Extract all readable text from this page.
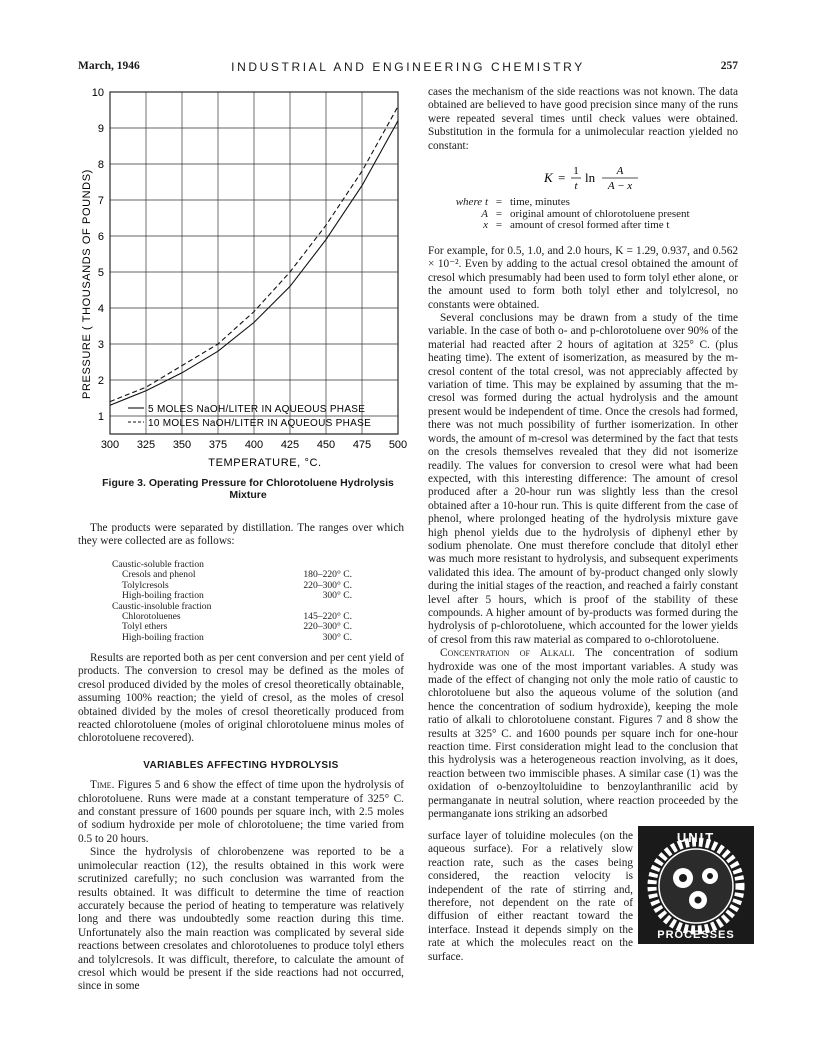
March, 1946	INDUSTRIAL AND ENGINEERING CHEMISTRY	257
300 325 350 375 400 425 450 475 500
1
2
3
4
5
6
7
8
9
10
PRESSURE ( THOUSANDS OF POUNDS)
TEMPERATURE, °C.
5 MOLES NaOH/LITER IN AQUEOUS PHASE
10 MOLES NaOH/LITER IN AQUEOUS PHASE
Figure 3. Operating Pressure for Chlorotoluene Hydrolysis Mixture

The products were separated by distillation. The ranges over which they were collected are as follows:

Caustic-soluble fraction	
Cresols and phenol	180–220° C.
Tolylcresols	220–300° C.
High-boiling fraction	300° C.
Caustic-insoluble fraction	
Chlorotoluenes	145–220° C.
Tolyl ethers	220–300° C.
High-boiling fraction	300° C.

Results are reported both as per cent conversion and per cent yield of products. The conversion to cresol may be defined as the moles of cresol produced divided by the moles of cresol theoretically obtainable, assuming 100% reaction; the yield of cresol, as the moles of cresol obtained divided by the moles of cresol theoretically produced from reacted chlorotoluene (moles of original chlorotoluene minus moles of chlorotoluene recovered).

VARIABLES AFFECTING HYDROLYSIS

Time. Figures 5 and 6 show the effect of time upon the hydrolysis of chlorotoluene. Runs were made at a constant temperature of 325° C. and constant pressure of 1600 pounds per square inch, with 2.5 moles of sodium hydroxide per mole of chlorotoluene; the time varied from 0.5 to 20 hours.

Since the hydrolysis of chlorobenzene was reported to be a unimolecular reaction (12), the results obtained in this work were scrutinized carefully; no such conclusion was warranted from the results obtained. It was difficult to determine the time of reaction accurately because the period of heating to temperature was relatively long and there was undoubtedly some reaction during this time. Unfortunately also the main reaction was complicated by several side reactions between cresolates and chlorotoluenes to produce tolyl ethers and tolylcresols. It was difficult, therefore, to calculate the amount of cresol which would be present if the side reactions had not occurred, since in some

cases the mechanism of the side reactions was not known. The data obtained are believed to have good precision since many of the runs were repeated several times until check values were obtained. Substitution in the formula for a unimolecular reaction yielded no constant:

K = 1
t
ln A
A − x
where t	=	time, minutes
A	=	original amount of chlorotoluene present
x	=	amount of cresol formed after time t

For example, for 0.5, 1.0, and 2.0 hours, K = 1.29, 0.937, and 0.562 × 10⁻². Even by adding to the actual cresol obtained the amount of cresol which presumably had been used to form tolyl ether alone, or the amount used to form both tolyl ether and tolylcresol, no constants were obtained.

Several conclusions may be drawn from a study of the time variable. In the case of both o- and p-chlorotoluene over 90% of the material had reacted after 2 hours of agitation at 325° C. (plus heating time). The extent of isomerization, as measured by the m-cresol content of the total cresol, was not appreciably affected by variation of time. This may be explained by assuming that the m-cresol was formed during the actual hydrolysis and the amount present would be independent of time. Once the cresols had formed, there was not much possibility of further isomerization. In other words, the amount of m-cresol was determined by the fact that tests on the cresols themselves revealed that they did not isomerize readily. The values for conversion to cresol were what had been expected, with this interesting difference: The amount of cresol produced after a 20-hour run was slightly less than the cresol obtained after a 10-hour run. This is quite different from the case of phenol, where prolonged heating of the hydrolysis mixture gave high phenol yields due to the hydrolysis of diphenyl ether by sodium phenolate. One must therefore conclude that ditolyl ether was much more resistant to hydrolysis, and subsequent experiments validated this idea. The amount of by-product changed only slowly during the initial stages of the reaction, and reached a fairly constant level after 5 hours, which is proof of the stability of these compounds. A higher amount of by-products was formed during the hydrolysis of p-chlorotoluene, which accounted for the lower yields of cresol from this raw material as compared to o-chlorotoluene.

Concentration of Alkali. The concentration of sodium hydroxide was one of the most important variables. A study was made of the effect of changing not only the mole ratio of caustic to chlorotoluene but also the aqueous volume of the solution (and hence the concentration of sodium hydroxide), keeping the mole ratio of alkali to chlorotoluene constant. Figures 7 and 8 show the results at 325° C. and 1600 pounds per square inch for one-hour reaction time. First consideration might lead to the conclusion that this hydrolysis was a heterogeneous reaction involving, as it does, reaction between two immiscible phases. A similar case (1) was the oxidation of o-benzoyltoluidine to benzoylanthranilic acid by permanganate in neutral solution, where reaction proceeded by the permanganate ions striking an adsorbed

surface layer of toluidine molecules (on the aqueous surface). For a relatively slow reaction rate, such as the cases being considered, the reaction velocity is independent of the rate of stirring and, therefore, not dependent on the rate of diffusion of either reactant toward the interface. Instead it depends simply on the rate at which the molecules react on the surface.

UNIT
PROCESSES
